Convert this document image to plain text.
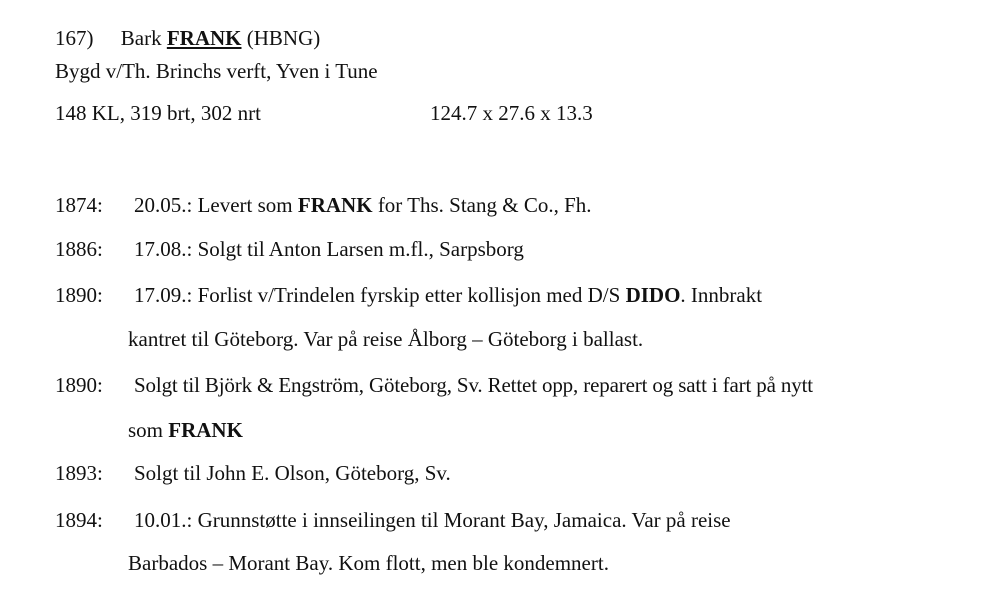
167) Bark FRANK (HBNG)
Bygd v/Th. Brinchs verft, Yven i Tune
148 KL, 319 brt, 302 nrt	124.7 x 27.6 x 13.3
1874: 20.05.: Levert som FRANK for Ths. Stang & Co., Fh.
1886: 17.08.: Solgt til Anton Larsen m.fl., Sarpsborg
1890: 17.09.: Forlist v/Trindelen fyrskip etter kollisjon med D/S DIDO. Innbrakt
kantret til Göteborg. Var på reise Ålborg – Göteborg i ballast.
1890: Solgt til Björk & Engström, Göteborg, Sv. Rettet opp, reparert og satt i fart på nytt
som FRANK
1893: Solgt til John E. Olson, Göteborg, Sv.
1894: 10.01.: Grunnstøtte i innseilingen til Morant Bay, Jamaica. Var på reise
Barbados – Morant Bay. Kom flott, men ble kondemnert.
